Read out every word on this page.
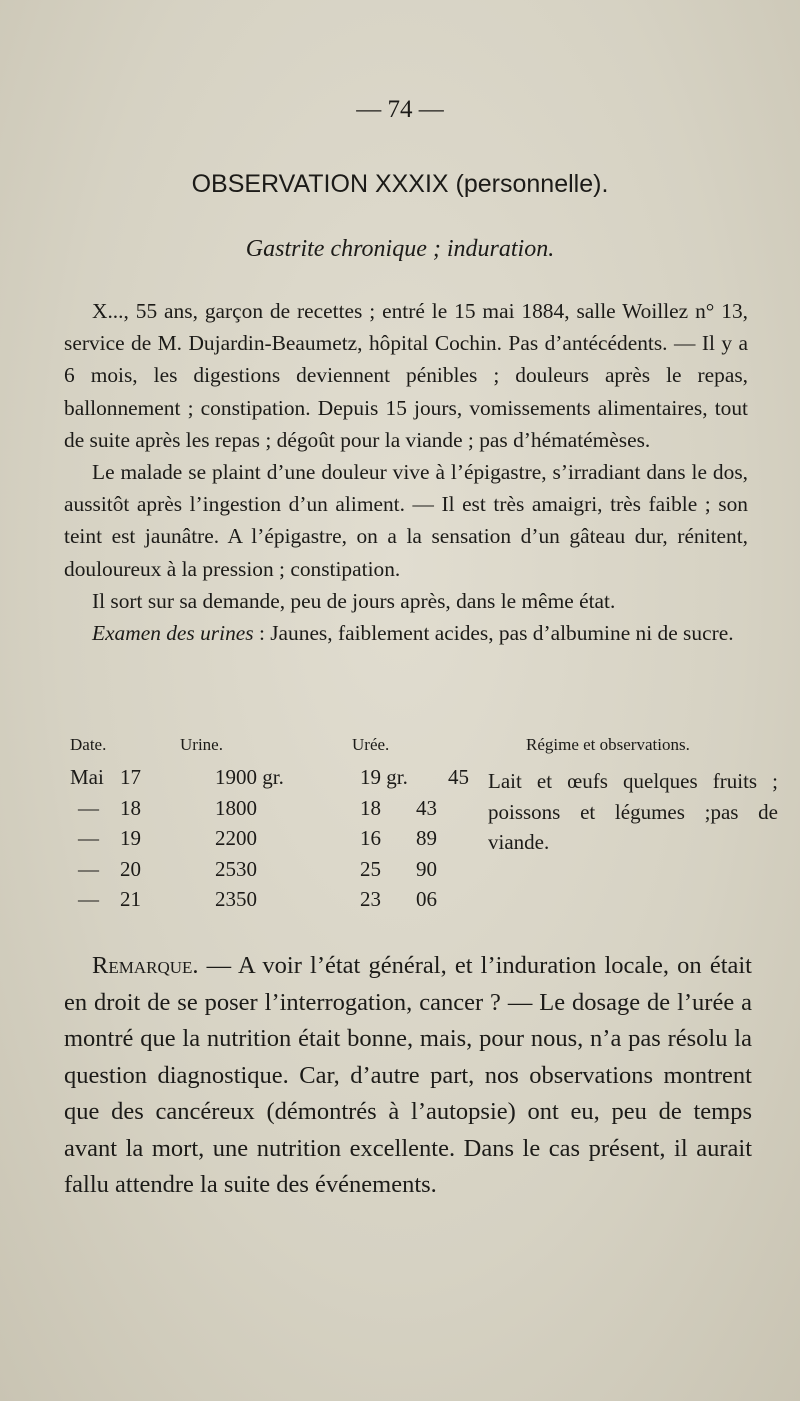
— 74 —
OBSERVATION XXXIX (personnelle).
Gastrite chronique ; induration.

X..., 55 ans, garçon de recettes ; entré le 15 mai 1884, salle Woillez n° 13, service de M. Dujardin-Beaumetz, hôpital Cochin. Pas d’antécédents. — Il y a 6 mois, les digestions deviennent pénibles ; douleurs après le repas, ballonnement ; constipation. Depuis 15 jours, vomissements alimentaires, tout de suite après les repas ; dégoût pour la viande ; pas d’hématémèses.

Le malade se plaint d’une douleur vive à l’épigastre, s’irradiant dans le dos, aussitôt après l’ingestion d’un aliment. — Il est très amaigri, très faible ; son teint est jaunâtre. A l’épigastre, on a la sensation d’un gâteau dur, rénitent, douloureux à la pression ; constipation.

Il sort sur sa demande, peu de jours après, dans le même état.

Examen des urines : Jaunes, faiblement acides, pas d’albumine ni de sucre.

Date.	Urine.	Urée.	Régime et observations.
Mai 17	1900 gr.	19 gr. 45
— 18	1800	18 43
— 19	2200	16 89
— 20	2530	25 90
— 21	2350	23 06
Lait et œufs quelques fruits ; poissons et légumes ;pas de viande.
Remarque. — A voir l’état général, et l’induration locale, on était en droit de se poser l’interrogation, cancer ? — Le dosage de l’urée a montré que la nutrition était bonne, mais, pour nous, n’a pas résolu la question diagnostique. Car, d’autre part, nos observations montrent que des cancéreux (démontrés à l’autopsie) ont eu, peu de temps avant la mort, une nutrition excellente. Dans le cas présent, il aurait fallu attendre la suite des événements.
